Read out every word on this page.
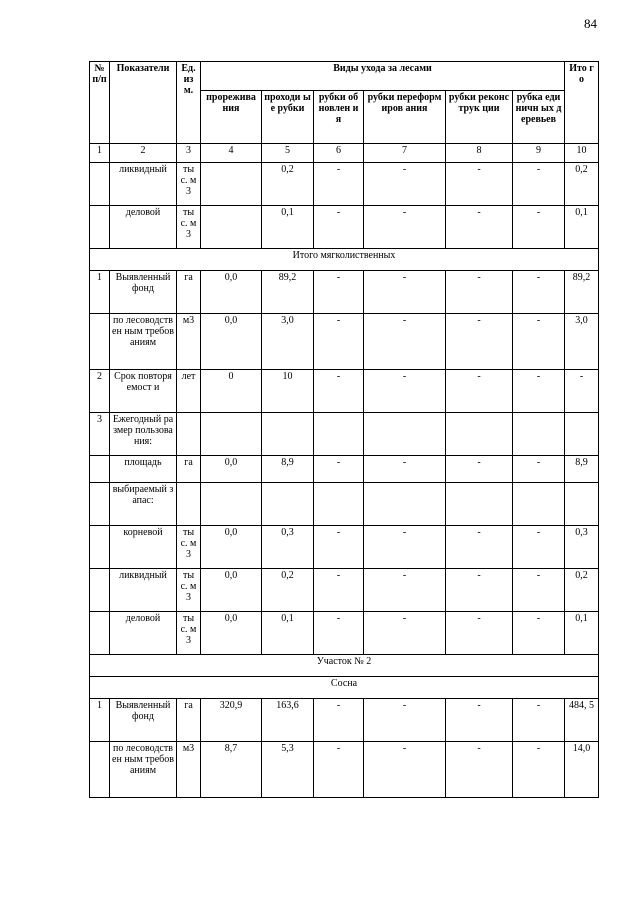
84
№ п/п	Показатели	Ед. из м.	Виды ухода за лесами						Ито го
			прорежива ния	проходи ые рубки	рубки обновлен ия	рубки переформиров ания	рубки реконструк ции	рубка единичн ых деревьев	
1	2	3	4	5	6	7	8	9	10
	ликвидный	ты с. м3		0,2	-	-	-	-	0,2
	деловой	ты с. м3		0,1	-	-	-	-	0,1
Итого мягколиственных									
1	Выявленный фонд	га	0,0	89,2	-	-	-	-	89,2
	по лесоводствен ным требованиям	м3	0,0	3,0	-	-	-	-	3,0
2	Срок повторяемост и	лет	0	10	-	-	-	-	-
3	Ежегодный размер пользования:								
	площадь	га	0,0	8,9	-	-	-	-	8,9
	выбираемый запас:								
	корневой	ты с. м3	0,0	0,3	-	-	-	-	0,3
	ликвидный	ты с. м3	0,0	0,2	-	-	-	-	0,2
	деловой	ты с. м3	0,0	0,1	-	-	-	-	0,1
Участок № 2									
Сосна									
1	Выявленный фонд	га	320,9	163,6	-	-	-	-	484, 5
	по лесоводствен ным требованиям	м3	8,7	5,3	-	-	-	-	14,0
